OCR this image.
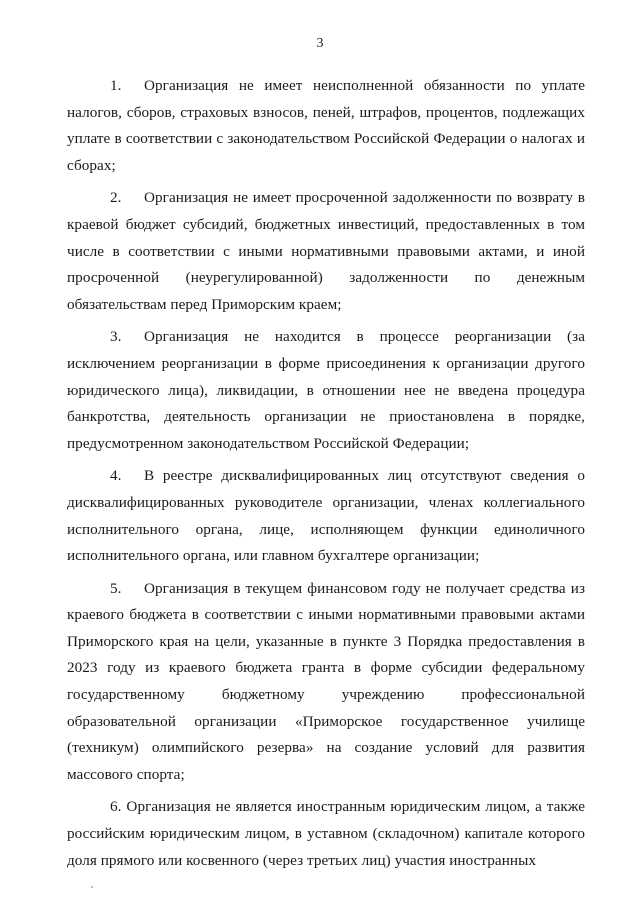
3

1. Организация не имеет неисполненной обязанности по уплате налогов, сборов, страховых взносов, пеней, штрафов, процентов, подлежащих уплате в соответствии с законодательством Российской Федерации о налогах и сборах;

2. Организация не имеет просроченной задолженности по возврату в краевой бюджет субсидий, бюджетных инвестиций, предоставленных в том числе в соответствии с иными нормативными правовыми актами, и иной просроченной (неурегулированной) задолженности по денежным обязательствам перед Приморским краем;

3. Организация не находится в процессе реорганизации (за исключением реорганизации в форме присоединения к организации другого юридического лица), ликвидации, в отношении нее не введена процедура банкротства, деятельность организации не приостановлена в порядке, предусмотренном законодательством Российской Федерации;

4. В реестре дисквалифицированных лиц отсутствуют сведения о дисквалифицированных руководителе организации, членах коллегиального исполнительного органа, лице, исполняющем функции единоличного исполнительного органа, или главном бухгалтере организации;

5. Организация в текущем финансовом году не получает средства из краевого бюджета в соответствии с иными нормативными правовыми актами Приморского края на цели, указанные в пункте 3 Порядка предоставления в 2023 году из краевого бюджета гранта в форме субсидии федеральному государственному бюджетному учреждению профессиональной образовательной организации «Приморское государственное училище (техникум) олимпийского резерва» на создание условий для развития массового спорта;

6. Организация не является иностранным юридическим лицом, а также российским юридическим лицом, в уставном (складочном) капитале которого доля прямого или косвенного (через третьих лиц) участия иностранных
